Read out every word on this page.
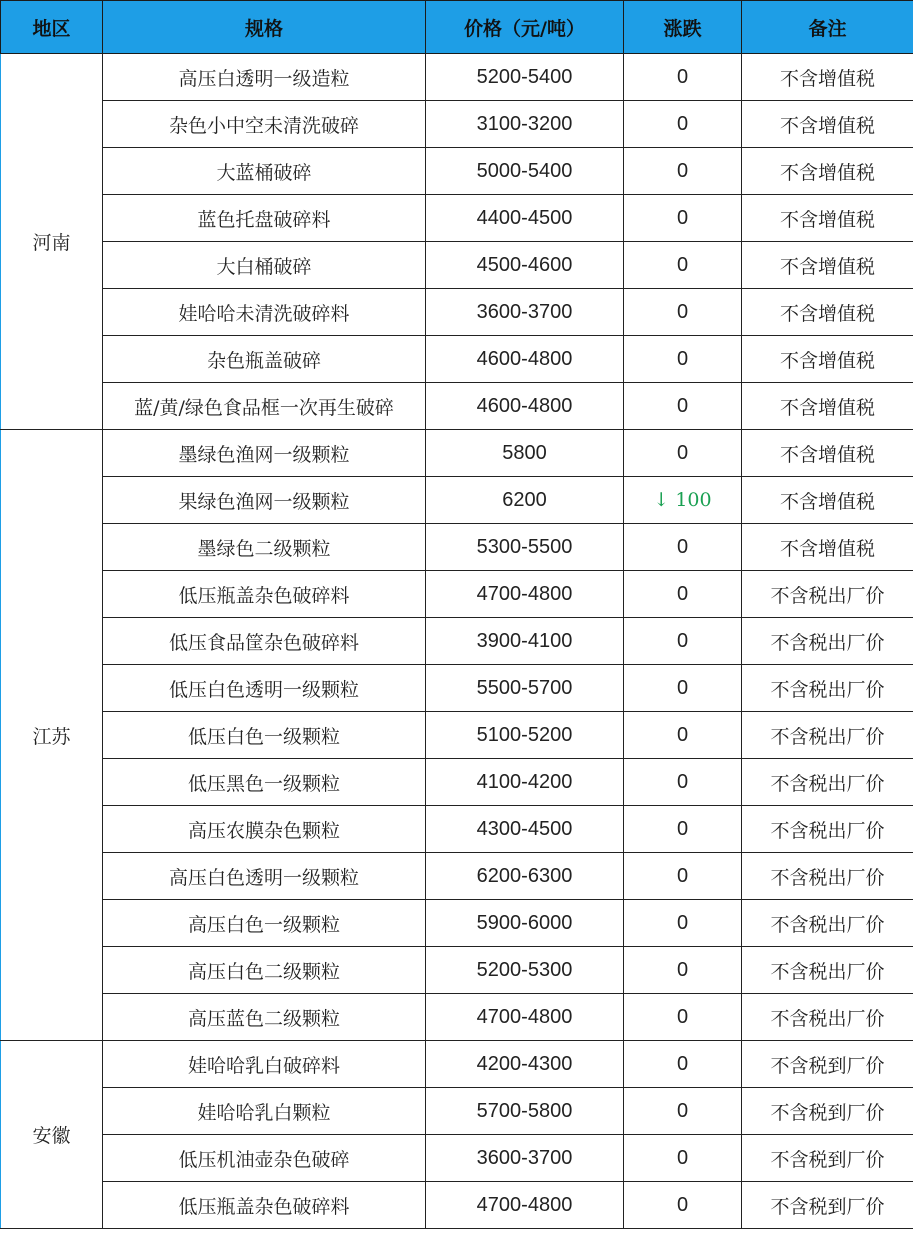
地区	规格	价格（元/吨）	涨跌	备注
河南	高压白透明一级造粒	5200-5400	0	不含增值税
	杂色小中空未清洗破碎	3100-3200	0	不含增值税
	大蓝桶破碎	5000-5400	0	不含增值税
	蓝色托盘破碎料	4400-4500	0	不含增值税
	大白桶破碎	4500-4600	0	不含增值税
	娃哈哈未清洗破碎料	3600-3700	0	不含增值税
	杂色瓶盖破碎	4600-4800	0	不含增值税
	蓝/黄/绿色食品框一次再生破碎	4600-4800	0	不含增值税
江苏	墨绿色渔网一级颗粒	5800	0	不含增值税
	果绿色渔网一级颗粒	6200	↓ 100	不含增值税
	墨绿色二级颗粒	5300-5500	0	不含增值税
	低压瓶盖杂色破碎料	4700-4800	0	不含税出厂价
	低压食品筐杂色破碎料	3900-4100	0	不含税出厂价
	低压白色透明一级颗粒	5500-5700	0	不含税出厂价
	低压白色一级颗粒	5100-5200	0	不含税出厂价
	低压黑色一级颗粒	4100-4200	0	不含税出厂价
	高压农膜杂色颗粒	4300-4500	0	不含税出厂价
	高压白色透明一级颗粒	6200-6300	0	不含税出厂价
	高压白色一级颗粒	5900-6000	0	不含税出厂价
	高压白色二级颗粒	5200-5300	0	不含税出厂价
	高压蓝色二级颗粒	4700-4800	0	不含税出厂价
安徽	娃哈哈乳白破碎料	4200-4300	0	不含税到厂价
	娃哈哈乳白颗粒	5700-5800	0	不含税到厂价
	低压机油壶杂色破碎	3600-3700	0	不含税到厂价
	低压瓶盖杂色破碎料	4700-4800	0	不含税到厂价
